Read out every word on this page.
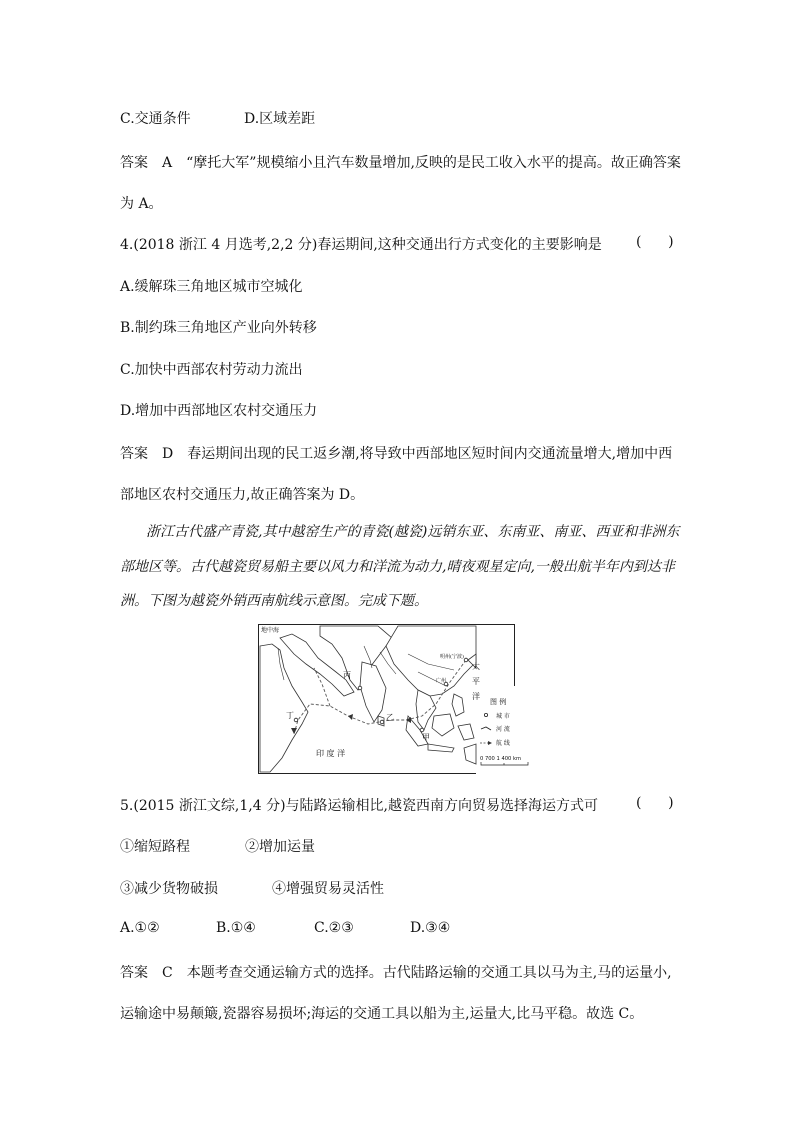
C.交通条件	D.区域差距
答案 A “摩托大军”规模缩小且汽车数量增加,反映的是民工收入水平的提高。故正确答案
为 A。
4.(2018 浙江 4 月选考,2,2 分)春运期间,这种交通出行方式变化的主要影响是 (      )
A.缓解珠三角地区城市空城化
B.制约珠三角地区产业向外转移
C.加快中西部农村劳动力流出
D.增加中西部地区农村交通压力
答案 D 春运期间出现的民工返乡潮,将导致中西部地区短时间内交通流量增大,增加中西
部地区农村交通压力,故正确答案为 D。
浙江古代盛产青瓷,其中越窑生产的青瓷(越瓷)远销东亚、东南亚、南亚、西亚和非洲东
部地区等。古代越瓷贸易船主要以风力和洋流为动力,晴夜观星定向,一般出航半年内到达非
洲。下图为越瓷外销西南航线示意图。完成下题。
地中海
明州(宁波)
广州
丙
乙
丁
甲
太
平
洋
印 度 洋
图 例
城 市
河 流
航 线
0 700 1 400 km
5.(2015 浙江文综,1,4 分)与陆路运输相比,越瓷西南方向贸易选择海运方式可	(      )
①缩短路程	②增加运量
③减少货物破损	④增强贸易灵活性
A.①②	B.①④	C.②③	D.③④
答案 C 本题考查交通运输方式的选择。古代陆路运输的交通工具以马为主,马的运量小,
运输途中易颠簸,瓷器容易损坏;海运的交通工具以船为主,运量大,比马平稳。故选 C。
